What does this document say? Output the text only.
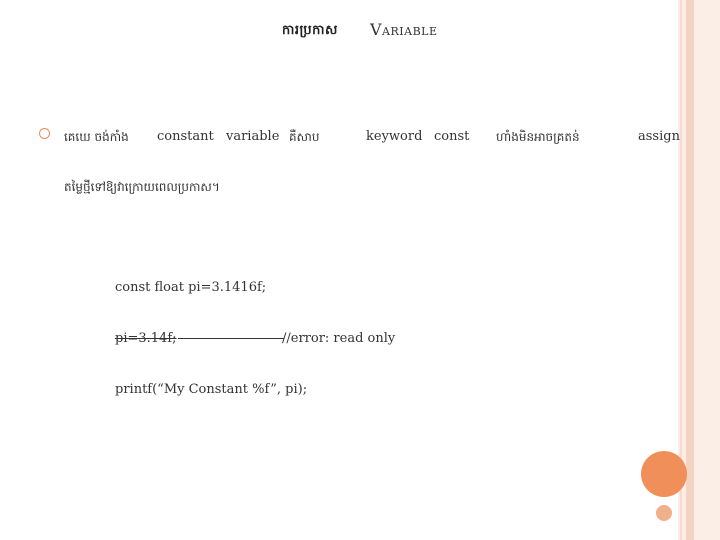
ការប្រកាស Variable
គេឃេ ចង់កាំង constant variable គឺសាប	keyword const ហាំងមិនអាចគ្រតន់	assign
តម្លៃថ្មីទៅឱ្យវាក្រោយពេលប្រកាស។
const float pi=3.1416f;
pi=3.14f;	//error: read only
printf(“My Constant %f”, pi);
